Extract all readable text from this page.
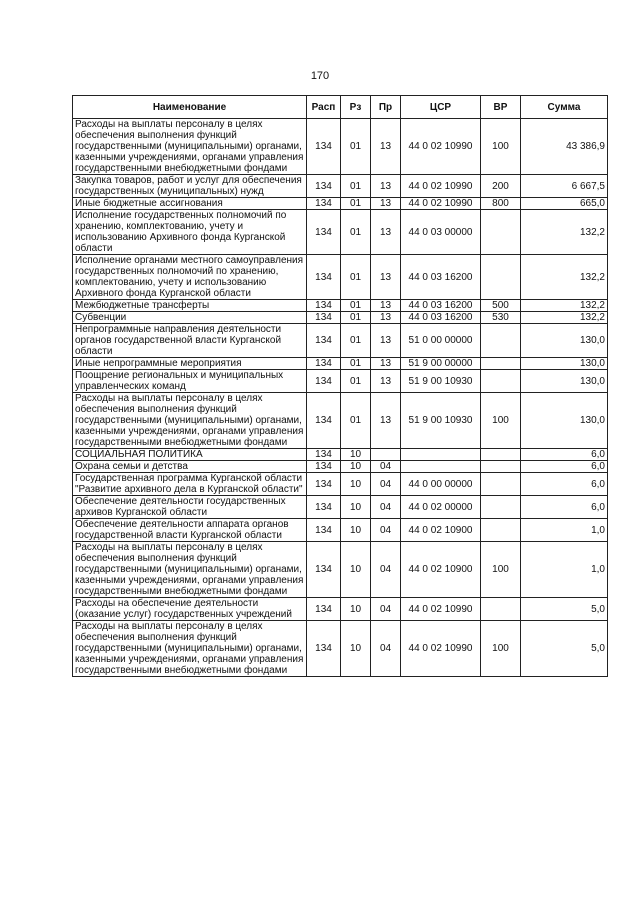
170
Наименование	Расп	Рз	Пр	ЦСР	ВР	Сумма
Расходы на выплаты персоналу в целях обеспечения выполнения функций государственными (муниципальными) органами, казенными учреждениями, органами управления государственными внебюджетными фондами	134	01	13	44 0 02 10990	100	43 386,9
Закупка товаров, работ и услуг для обеспечения государственных (муниципальных) нужд	134	01	13	44 0 02 10990	200	6 667,5
Иные бюджетные ассигнования	134	01	13	44 0 02 10990	800	665,0
Исполнение государственных полномочий по хранению, комплектованию, учету и использованию Архивного фонда Курганской области	134	01	13	44 0 03 00000		132,2
Исполнение органами местного самоуправления государственных полномочий по хранению, комплектованию, учету и использованию Архивного фонда Курганской области	134	01	13	44 0 03 16200		132,2
Межбюджетные трансферты	134	01	13	44 0 03 16200	500	132,2
Субвенции	134	01	13	44 0 03 16200	530	132,2
Непрограммные направления деятельности органов государственной власти Курганской области	134	01	13	51 0 00 00000		130,0
Иные непрограммные мероприятия	134	01	13	51 9 00 00000		130,0
Поощрение региональных и муниципальных управленческих команд	134	01	13	51 9 00 10930		130,0
Расходы на выплаты персоналу в целях обеспечения выполнения функций государственными (муниципальными) органами, казенными учреждениями, органами управления государственными внебюджетными фондами	134	01	13	51 9 00 10930	100	130,0
СОЦИАЛЬНАЯ ПОЛИТИКА	134	10				6,0
Охрана семьи и детства	134	10	04			6,0
Государственная программа Курганской области "Развитие архивного дела в Курганской области"	134	10	04	44 0 00 00000		6,0
Обеспечение деятельности государственных архивов Курганской области	134	10	04	44 0 02 00000		6,0
Обеспечение деятельности аппарата органов государственной власти Курганской области	134	10	04	44 0 02 10900		1,0
Расходы на выплаты персоналу в целях обеспечения выполнения функций государственными (муниципальными) органами, казенными учреждениями, органами управления государственными внебюджетными фондами	134	10	04	44 0 02 10900	100	1,0
Расходы на обеспечение деятельности (оказание услуг) государственных учреждений	134	10	04	44 0 02 10990		5,0
Расходы на выплаты персоналу в целях обеспечения выполнения функций государственными (муниципальными) органами, казенными учреждениями, органами управления государственными внебюджетными фондами	134	10	04	44 0 02 10990	100	5,0
